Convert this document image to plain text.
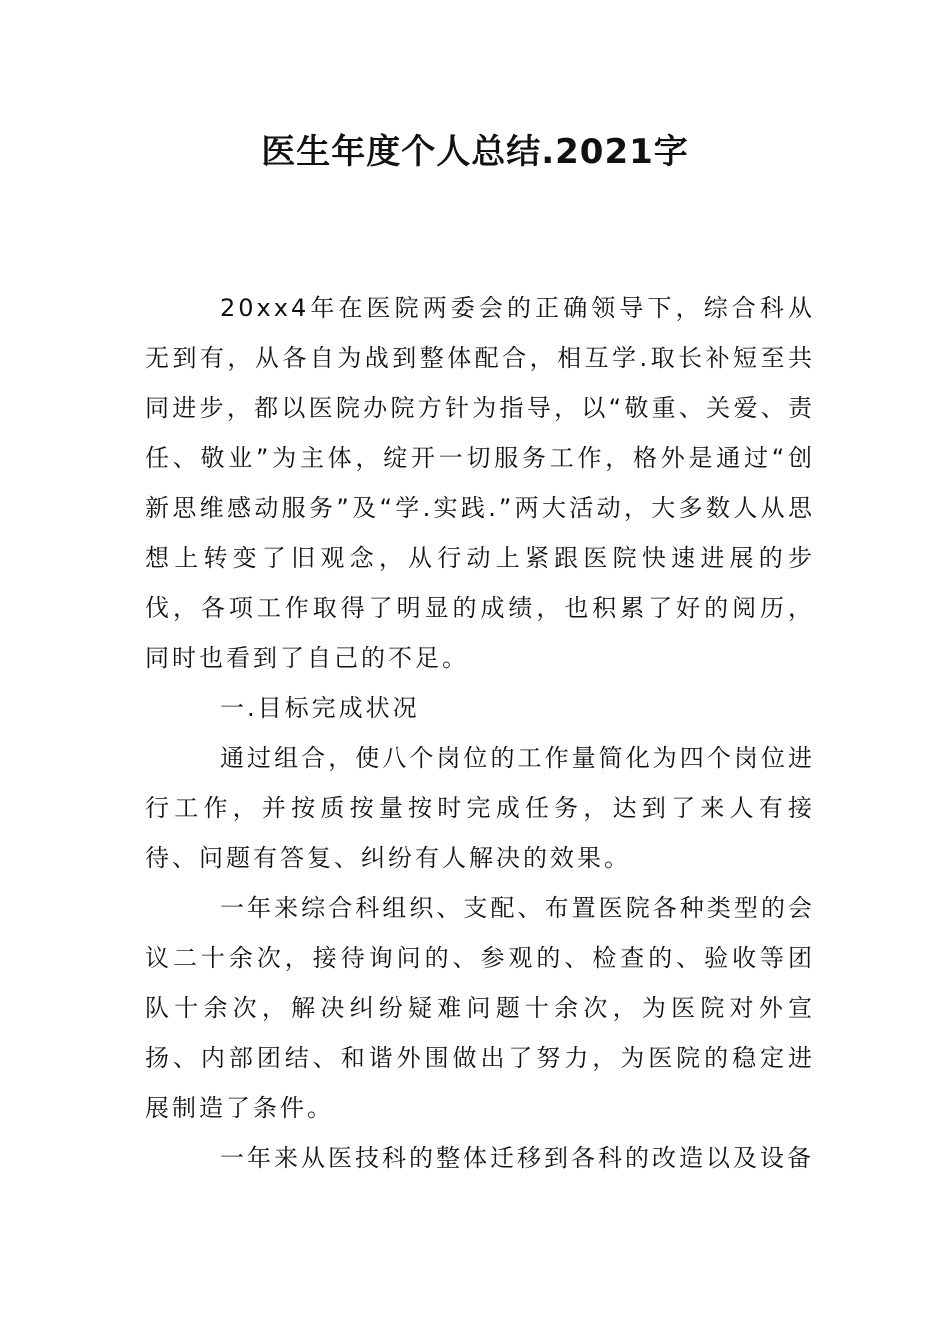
医生年度个人总结.2021字

20xx4年在医院两委会的正确领导下，综合科从无到有，从各自为战到整体配合，相互学.取长补短至共同进步，都以医院办院方针为指导，以“敬重、关爱、责任、敬业”为主体，绽开一切服务工作，格外是通过“创新思维感动服务”及“学.实践.”两大活动，大多数人从思想上转变了旧观念，从行动上紧跟医院快速进展的步伐，各项工作取得了明显的成绩，也积累了好的阅历，同时也看到了自己的不足。

一.目标完成状况

通过组合，使八个岗位的工作量简化为四个岗位进行工作，并按质按量按时完成任务，达到了来人有接待、问题有答复、纠纷有人解决的效果。

一年来综合科组织、支配、布置医院各种类型的会议二十余次，接待询问的、参观的、检查的、验收等团队十余次，解决纠纷疑难问题十余次，为医院对外宣扬、内部团结、和谐外围做出了努力，为医院的稳定进展制造了条件。

一年来从医技科的整体迁移到各科的改造以及设备
